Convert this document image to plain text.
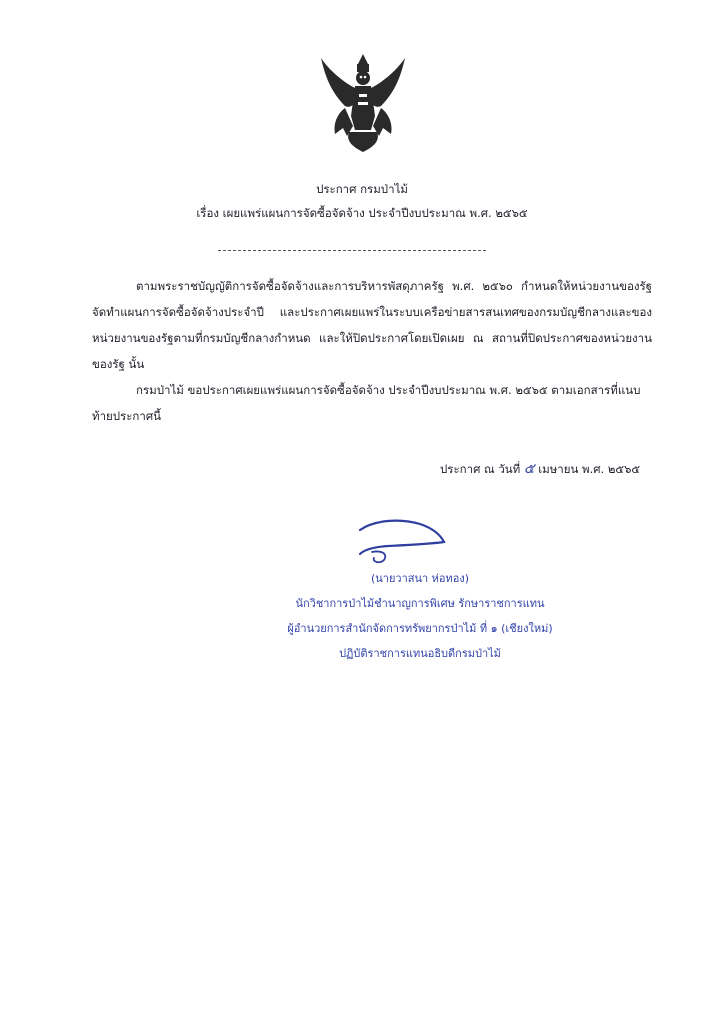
ประกาศ กรมป่าไม้
เรื่อง เผยแพร่แผนการจัดซื้อจัดจ้าง ประจำปีงบประมาณ พ.ศ. ๒๕๖๕
ตามพระราชบัญญัติการจัดซื้อจัดจ้างและการบริหารพัสดุภาครัฐ พ.ศ. ๒๕๖๐ กำหนดให้หน่วยงานของรัฐจัดทำแผนการจัดซื้อจัดจ้างประจำปี และประกาศเผยแพร่ในระบบเครือข่ายสารสนเทศของกรมบัญชีกลางและของหน่วยงานของรัฐตามที่กรมบัญชีกลางกำหนด และให้ปิดประกาศโดยเปิดเผย ณ สถานที่ปิดประกาศของหน่วยงานของรัฐ นั้น
กรมป่าไม้ ขอประกาศเผยแพร่แผนการจัดซื้อจัดจ้าง ประจำปีงบประมาณ พ.ศ. ๒๕๖๕ ตามเอกสารที่แนบท้ายประกาศนี้
ประกาศ ณ วันที่ ๕ เมษายน พ.ศ. ๒๕๖๕
(นายวาสนา ห่อทอง)
นักวิชาการป่าไม้ชำนาญการพิเศษ รักษาราชการแทน
ผู้อำนวยการสำนักจัดการทรัพยากรป่าไม้ ที่ ๑ (เชียงใหม่)
ปฏิบัติราชการแทนอธิบดีกรมป่าไม้
